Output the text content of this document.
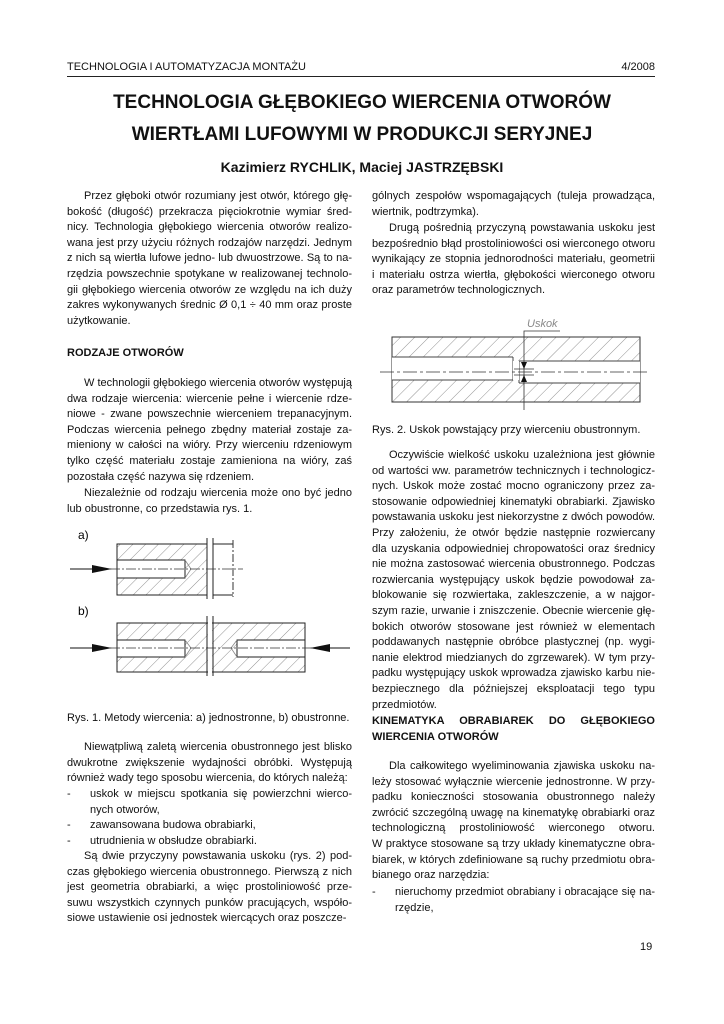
TECHNOLOGIA I AUTOMATYZACJA MONTAŻU	4/2008
TECHNOLOGIA GŁĘBOKIEGO WIERCENIA OTWORÓW
WIERTŁAMI LUFOWYMI W PRODUKCJI SERYJNEJ
Kazimierz RYCHLIK, Maciej JASTRZĘBSKI
Przez głęboki otwór rozumiany jest otwór, którego głę-
bokość (długość) przekracza pięciokrotnie wymiar śred-
nicy. Technologia głębokiego wiercenia otworów realizo-
wana jest przy użyciu różnych rodzajów narzędzi. Jednym
z nich są wiertła lufowe jedno- lub dwuostrzowe. Są to na-
rzędzia powszechnie spotykane w realizowanej technolo-
gii głębokiego wiercenia otworów ze względu na ich duży
zakres wykonywanych średnic Ø 0,1 ÷ 40 mm oraz proste
użytkowanie.
RODZAJE OTWORÓW
W technologii głębokiego wiercenia otworów występują
dwa rodzaje wiercenia: wiercenie pełne i wiercenie rdze-
niowe - zwane powszechnie wierceniem trepanacyjnym.
Podczas wiercenia pełnego zbędny materiał zostaje za-
mieniony w całości na wióry. Przy wierceniu rdzeniowym
tylko część materiału zostaje zamieniona na wióry, zaś
pozostała część nazywa się rdzeniem.
Niezależnie od rodzaju wiercenia może ono być jedno
lub obustronne, co przedstawia rys. 1.
a)
b)
Rys. 1. Metody wiercenia: a) jednostronne, b) obustronne.
Niewątpliwą zaletą wiercenia obustronnego jest blisko
dwukrotne zwiększenie wydajności obróbki. Występują
również wady tego sposobu wiercenia, do których należą:
- uskok w miejscu spotkania się powierzchni wierco-
nych otworów,
- zawansowana budowa obrabiarki,
- utrudnienia w obsłudze obrabiarki.
Są dwie przyczyny powstawania uskoku (rys. 2) pod-
czas głębokiego wiercenia obustronnego. Pierwszą z nich
jest geometria obrabiarki, a więc prostoliniowość prze-
suwu wszystkich czynnych punków pracujących, współo-
siowe ustawienie osi jednostek wiercących oraz poszcze-
gólnych zespołów wspomagających (tuleja prowadząca,
wiertnik, podtrzymka).
Drugą pośrednią przyczyną powstawania uskoku jest
bezpośrednio błąd prostoliniowości osi wierconego otworu
wynikający ze stopnia jednorodności materiału, geometrii
i materiału ostrza wiertła, głębokości wierconego otworu
oraz parametrów technologicznych.
Uskok
Rys. 2. Uskok powstający przy wierceniu obustronnym.
Oczywiście wielkość uskoku uzależniona jest głównie
od wartości ww. parametrów technicznych i technologicz-
nych. Uskok może zostać mocno ograniczony przez za-
stosowanie odpowiedniej kinematyki obrabiarki. Zjawisko
powstawania uskoku jest niekorzystne z dwóch powodów.
Przy założeniu, że otwór będzie następnie rozwiercany
dla uzyskania odpowiedniej chropowatości oraz średnicy
nie można zastosować wiercenia obustronnego. Podczas
rozwiercania występujący uskok będzie powodował za-
blokowanie się rozwiertaka, zakleszczenie, a w najgor-
szym razie, urwanie i zniszczenie. Obecnie wiercenie głę-
bokich otworów stosowane jest również w elementach
poddawanych następnie obróbce plastycznej (np. wygi-
nanie elektrod miedzianych do zgrzewarek). W tym przy-
padku występujący uskok wprowadza zjawisko karbu nie-
bezpiecznego dla późniejszej eksploatacji tego typu
przedmiotów.
KINEMATYKA OBRABIAREK DO GŁĘBOKIEGO
WIERCENIA OTWORÓW
Dla całkowitego wyeliminowania zjawiska uskoku na-
leży stosować wyłącznie wiercenie jednostronne. W przy-
padku konieczności stosowania obustronnego należy
zwrócić szczególną uwagę na kinematykę obrabiarki oraz
technologiczną prostoliniowość wierconego otworu.
W praktyce stosowane są trzy układy kinematyczne obra-
biarek, w których zdefiniowane są ruchy przedmiotu obra-
bianego oraz narzędzia:
- nieruchomy przedmiot obrabiany i obracające się na-
rzędzie,
19
